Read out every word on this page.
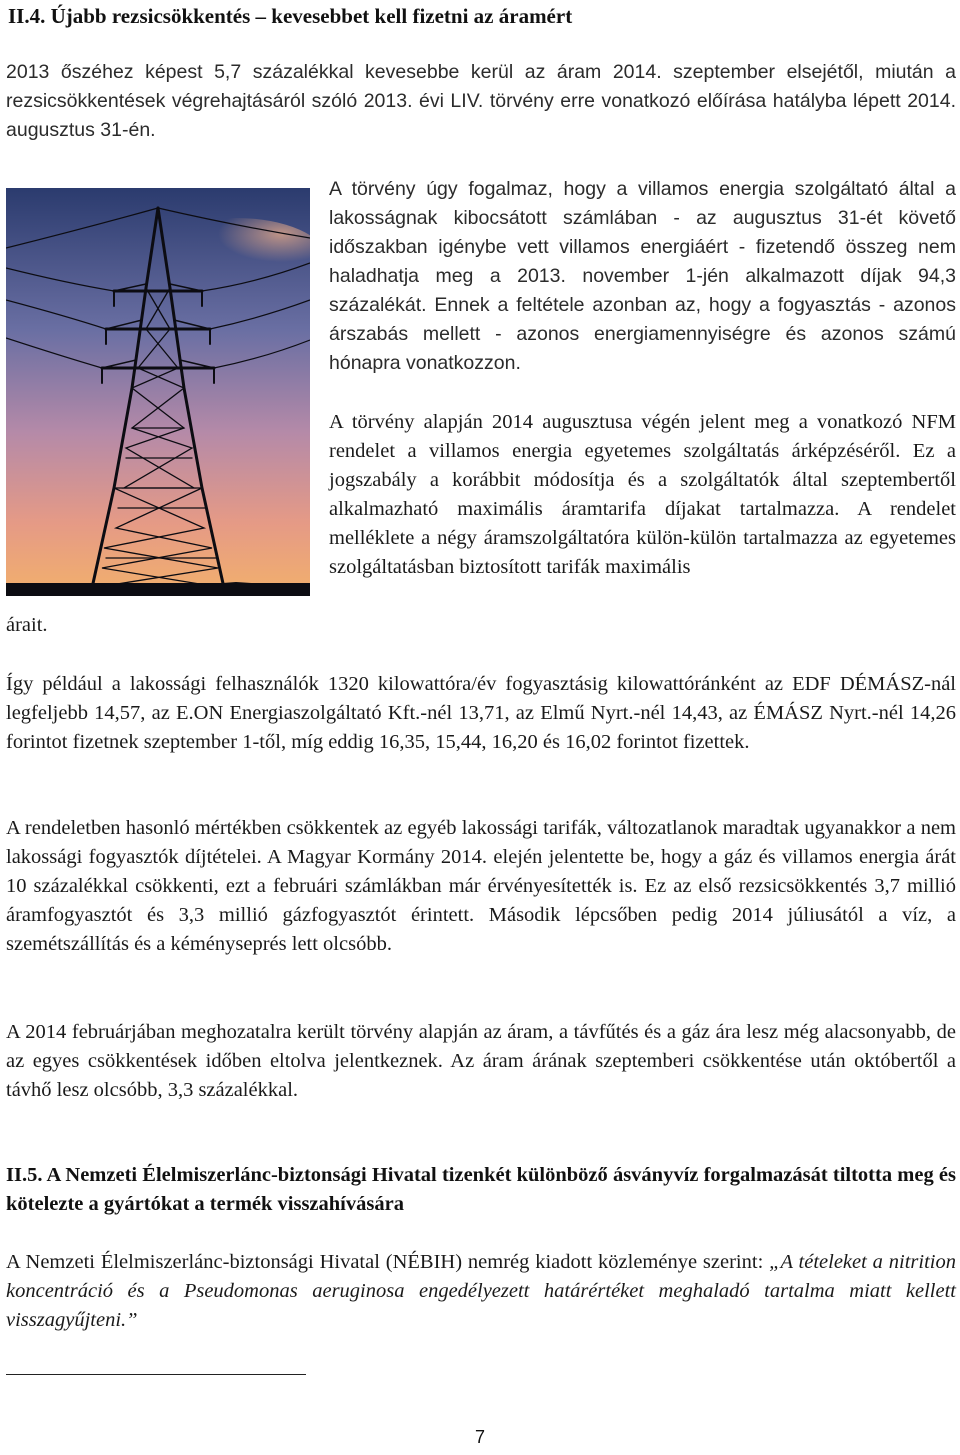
II.4. Újabb rezsicsökkentés – kevesebbet kell fizetni az áramért

2013 őszéhez képest 5,7 százalékkal kevesebbe kerül az áram 2014. szeptember elsejétől, miután a rezsicsökkentések végrehajtásáról szóló 2013. évi LIV. törvény erre vonatkozó előírása hatályba lépett 2014. augusztus 31-én.

A törvény úgy fogalmaz, hogy a villamos energia szolgáltató által a lakosságnak kibocsátott számlában - az augusztus 31-ét követő időszakban igénybe vett villamos energiáért - fizetendő összeg nem haladhatja meg a 2013. november 1-jén alkalmazott díjak 94,3 százalékát. Ennek a feltétele azonban az, hogy a fogyasztás - azonos árszabás mellett - azonos energiamennyiségre és azonos számú hónapra vonatkozzon.

A törvény alapján 2014 augusztusa végén jelent meg a vonatkozó NFM rendelet a villamos energia egyetemes szolgáltatás árképzéséről. Ez a jogszabály a korábbit módosítja és a szolgáltatók által szeptembertől alkalmazható maximális áramtarifa díjakat tartalmazza. A rendelet melléklete a négy áramszolgáltatóra külön-külön tartalmazza az egyetemes szolgáltatásban biztosított tarifák maximális

árait.

Így például a lakossági felhasználók 1320 kilowattóra/év fogyasztásig kilowattóránként az EDF DÉMÁSZ-nál legfeljebb 14,57, az E.ON Energiaszolgáltató Kft.-nél 13,71, az Elmű Nyrt.-nél 14,43, az ÉMÁSZ Nyrt.-nél 14,26 forintot fizetnek szeptember 1-től, míg eddig 16,35, 15,44, 16,20 és 16,02 forintot fizettek.

A rendeletben hasonló mértékben csökkentek az egyéb lakossági tarifák, változatlanok maradtak ugyanakkor a nem lakossági fogyasztók díjtételei. A Magyar Kormány 2014. elején jelentette be, hogy a gáz és villamos energia árát 10 százalékkal csökkenti, ezt a februári számlákban már érvényesítették is. Ez az első rezsicsökkentés 3,7 millió áramfogyasztót és 3,3 millió gázfogyasztót érintett. Második lépcsőben pedig 2014 júliusától a víz, a szemétszállítás és a kéményseprés lett olcsóbb.

A 2014 februárjában meghozatalra került törvény alapján az áram, a távfűtés és a gáz ára lesz még alacsonyabb, de az egyes csökkentések időben eltolva jelentkeznek. Az áram árának szeptemberi csökkentése után októbertől a távhő lesz olcsóbb, 3,3 százalékkal.

II.5. A Nemzeti Élelmiszerlánc-biztonsági Hivatal tizenkét különböző ásványvíz forgalmazását tiltotta meg és kötelezte a gyártókat a termék visszahívására

A Nemzeti Élelmiszerlánc-biztonsági Hivatal (NÉBIH) nemrég kiadott közleménye szerint: „A tételeket a nitrition koncentráció és a Pseudomonas aeruginosa engedélyezett határértéket meghaladó tartalma miatt kellett visszagyűjteni.”

7
